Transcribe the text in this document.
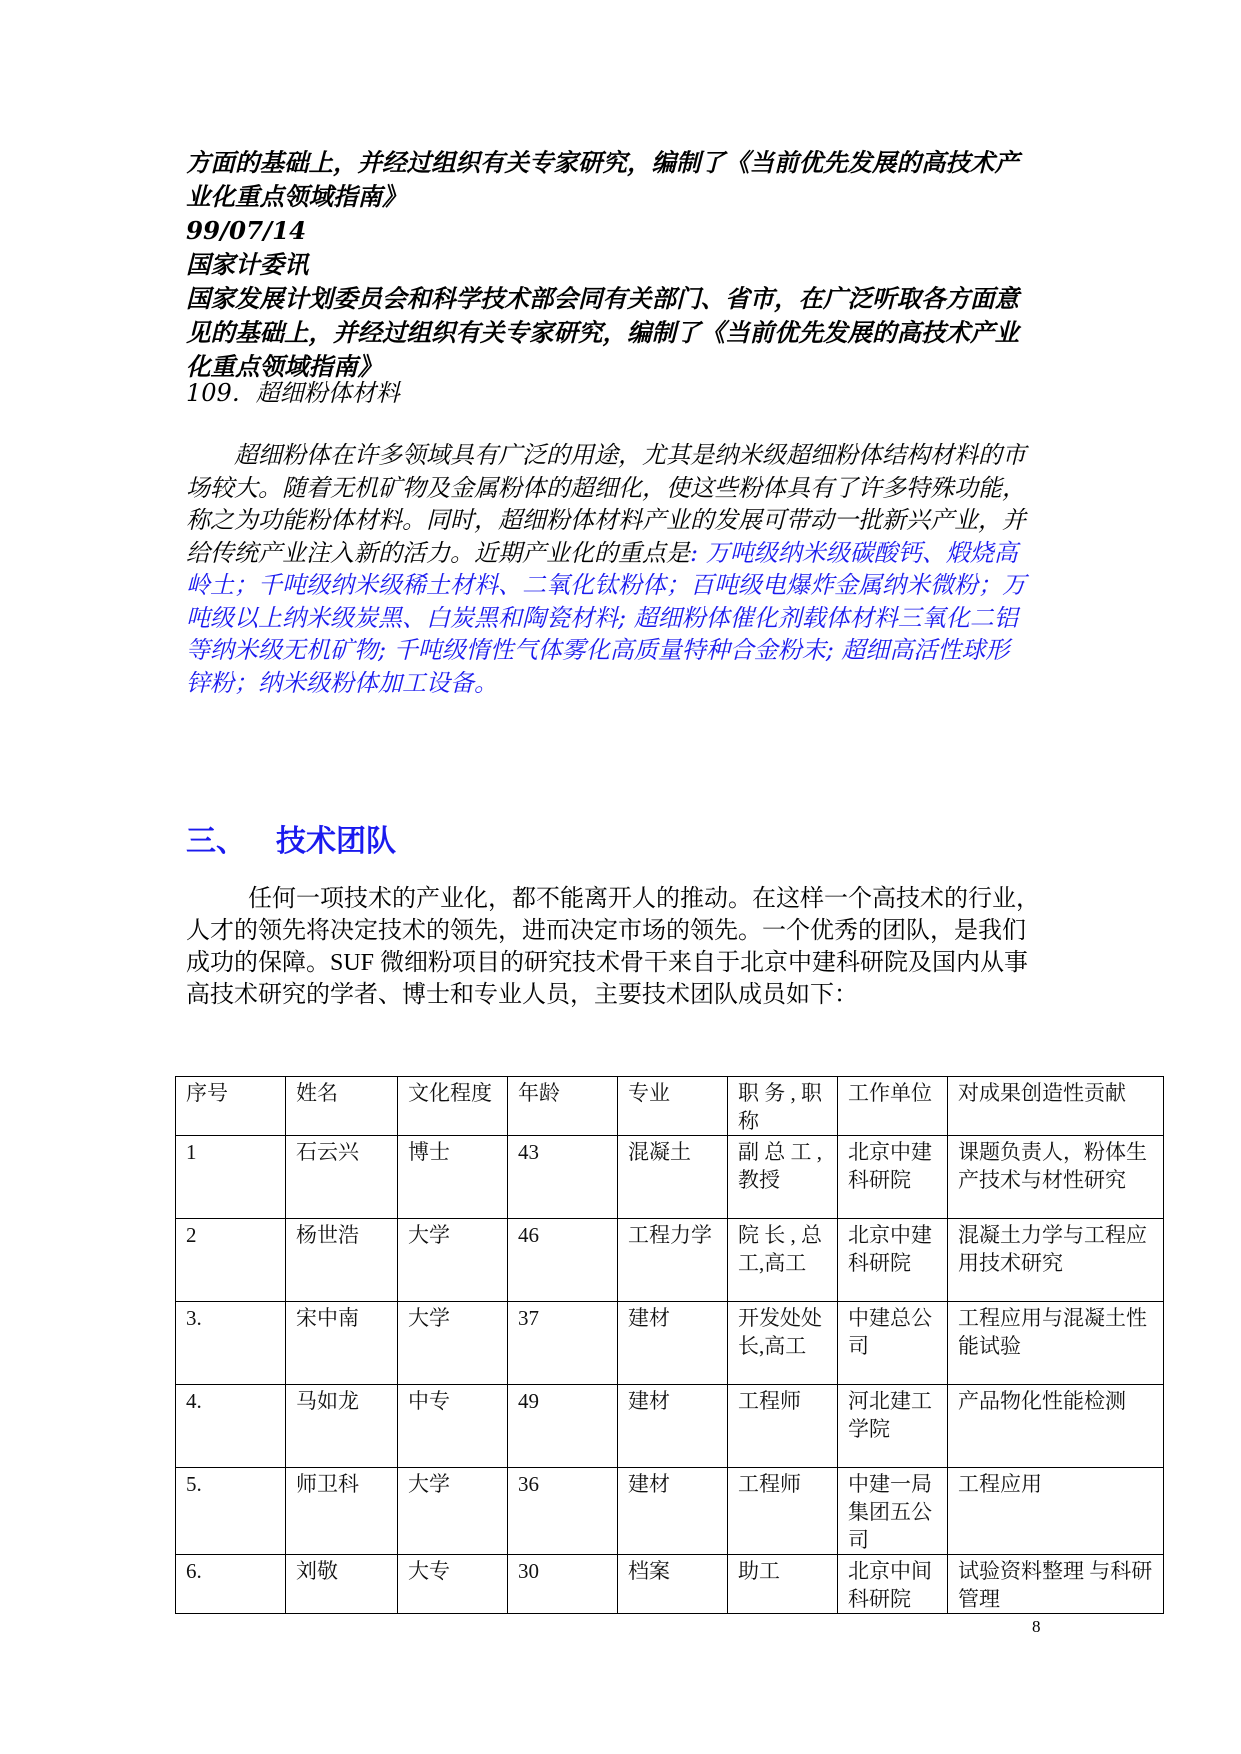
方面的基础上，并经过组织有关专家研究，编制了《当前优先发展的高技术产
业化重点领域指南》
99/07/14
国家计委讯
国家发展计划委员会和科学技术部会同有关部门、省市，在广泛听取各方面意
见的基础上，并经过组织有关专家研究，编制了《当前优先发展的高技术产业
化重点领域指南》
109．超细粉体材料
超细粉体在许多领域具有广泛的用途，尤其是纳米级超细粉体结构材料的市
场较大。随着无机矿物及金属粉体的超细化，使这些粉体具有了许多特殊功能，
称之为功能粉体材料。同时，超细粉体材料产业的发展可带动一批新兴产业，并
给传统产业注入新的活力。近期产业化的重点是: 万吨级纳米级碳酸钙、煅烧高
岭土；千吨级纳米级稀土材料、二氧化钛粉体；百吨级电爆炸金属纳米微粉；万
吨级以上纳米级炭黑、白炭黑和陶瓷材料; 超细粉体催化剂载体材料三氧化二铝
等纳米级无机矿物; 千吨级惰性气体雾化高质量特种合金粉末; 超细高活性球形
锌粉；纳米级粉体加工设备。
三、 技术团队
任何一项技术的产业化，都不能离开人的推动。在这样一个高技术的行业，
人才的领先将决定技术的领先，进而决定市场的领先。一个优秀的团队，是我们
成功的保障。SUF 微细粉项目的研究技术骨干来自于北京中建科研院及国内从事
高技术研究的学者、博士和专业人员，主要技术团队成员如下：
序号	姓名	文化程度	年龄	专业	职 务 , 职 称	工作单位	对成果创造性贡献
1	石云兴	博士	43	混凝土	副 总 工 , 教授	北京中建 科研院	课题负责人，粉体生产技术与材性研究
2	杨世浩	大学	46	工程力学	院 长 , 总 工,高工	北京中建 科研院	混凝土力学与工程应用技术研究
3.	宋中南	大学	37	建材	开发处处 长,高工	中建总公 司	工程应用与混凝土性能试验
4.	马如龙	中专	49	建材	工程师	河北建工 学院	产品物化性能检测
5.	师卫科	大学	36	建材	工程师	中建一局 集团五公 司	工程应用
6.	刘敬	大专	30	档案	助工	北京中间 科研院	试验资料整理 与科研管理
8
